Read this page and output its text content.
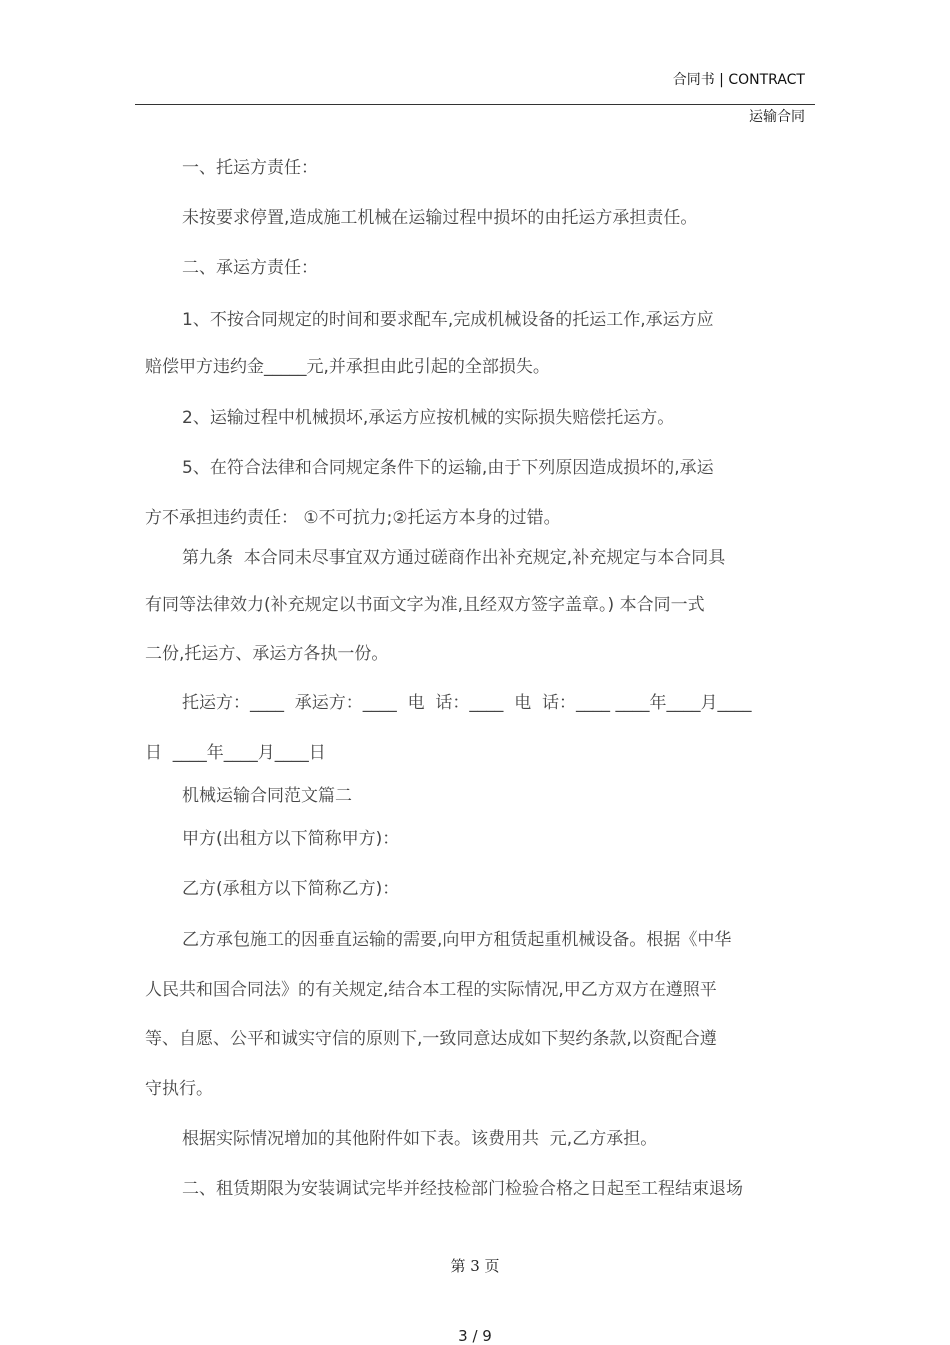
合同书 | CONTRACT
运输合同
一、托运方责任：
未按要求停置,造成施工机械在运输过程中损坏的由托运方承担责任。
二、承运方责任：
1、不按合同规定的时间和要求配车,完成机械设备的托运工作,承运方应
赔偿甲方违约金_____元,并承担由此引起的全部损失。
2、运输过程中机械损坏,承运方应按机械的实际损失赔偿托运方。
5、在符合法律和合同规定条件下的运输,由于下列原因造成损坏的,承运
方不承担违约责任： ①不可抗力;②托运方本身的过错。
第九条  本合同未尽事宜双方通过磋商作出补充规定,补充规定与本合同具
有同等法律效力(补充规定以书面文字为准,且经双方签字盖章。) 本合同一式
二份,托运方、承运方各执一份。
托运方：____  承运方：____  电  话：____  电  话：____ ____年____月____
日  ____年____月____日
机械运输合同范文篇二
甲方(出租方以下简称甲方)：
乙方(承租方以下简称乙方)：
乙方承包施工的因垂直运输的需要,向甲方租赁起重机械设备。根据《中华
人民共和国合同法》的有关规定,结合本工程的实际情况,甲乙方双方在遵照平
等、自愿、公平和诚实守信的原则下,一致同意达成如下契约条款,以资配合遵
守执行。
根据实际情况增加的其他附件如下表。该费用共  元,乙方承担。
二、租赁期限为安装调试完毕并经技检部门检验合格之日起至工程结束退场
第 3 页
3 / 9
